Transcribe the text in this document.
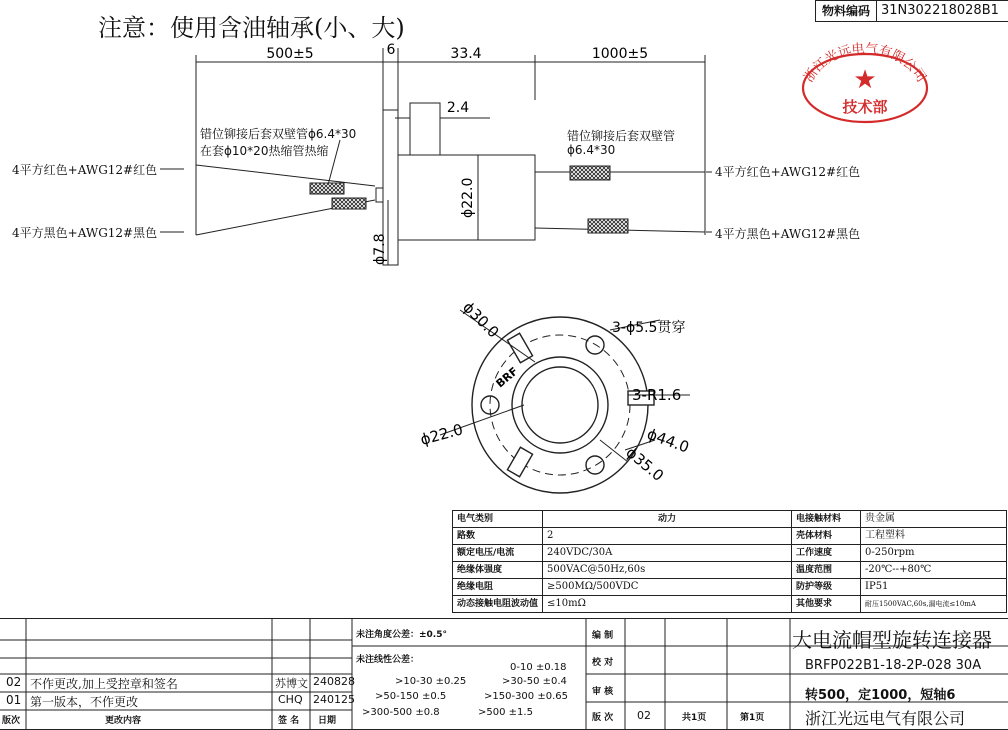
注意：使用含油轴承(小、大)
物料编码 31N302218028B1
浙江光远电气有限公司
★
技术部
500±5	6	33.4	1000±5
2.4
ϕ22.0
ϕ7.8
错位铆接后套双壁管ϕ6.4*30
在套ϕ10*20热缩管热缩
错位铆接后套双壁管
ϕ6.4*30
4平方红色+AWG12#红色
4平方黑色+AWG12#黑色
4平方红色+AWG12#红色
4平方黑色+AWG12#黑色
ϕ30.0	3-ϕ5.5贯穿
3-R1.6
ϕ22.0	ϕ44.0
ϕ35.0
BRF
电气类别	动力	电接触材料	贵金属
路数	2	壳体材料	工程塑料
额定电压/电流	240VDC/30A	工作速度	0-250rpm
绝缘体强度	500VAC@50Hz,60s	温度范围	-20℃--+80℃
绝缘电阻	≥500MΩ/500VDC	防护等级	IP51
动态接触电阻波动值	≤10mΩ	其他要求	耐压1500VAC,60s,漏电流≤10mA
02 不作更改,加上受控章和签名	苏博文 240828
01 第一版本，不作更改	CHQ 240125
版次	更改内容	签 名 日期
未注角度公差：±0.5°
未注线性公差：
0-10 ±0.18
>10-30 ±0.25	>30-50 ±0.4
>50-150 ±0.5	>150-300 ±0.65
>300-500 ±0.8	>500 ±1.5
编 制
校 对
审 核
版 次 02	共1页	第1页
大电流帽型旋转连接器
BRFP022B1-18-2P-028 30A
转500，定1000，短轴6
浙江光远电气有限公司
